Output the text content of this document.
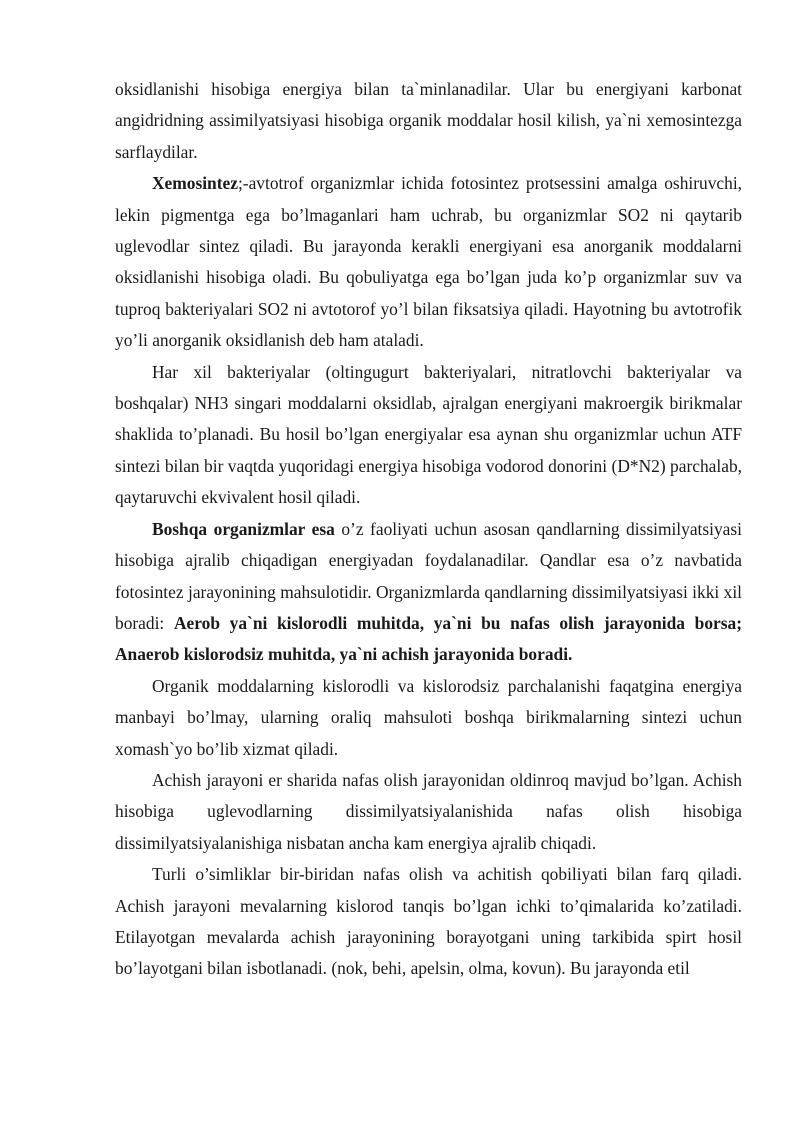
oksidlanishi hisobiga energiya bilan ta`minlanadilar. Ular bu energiyani karbonat angidridning assimilyatsiyasi hisobiga organik moddalar hosil kilish, ya`ni xemosintezga sarflaydilar.

Xemosintez;-avtotrof organizmlar ichida fotosintez protsessini amalga oshiruvchi, lekin pigmentga ega bo’lmaganlari ham uchrab, bu organizmlar SO2 ni qaytarib uglevodlar sintez qiladi. Bu jarayonda kerakli energiyani esa anorganik moddalarni oksidlanishi hisobiga oladi. Bu qobuliyatga ega bo’lgan juda ko’p organizmlar suv va tuproq bakteriyalari SO2 ni avtotorof yo’l bilan fiksatsiya qiladi. Hayotning bu avtotrofik yo’li anorganik oksidlanish deb ham ataladi.

Har xil bakteriyalar (oltingugurt bakteriyalari, nitratlovchi bakteriyalar va boshqalar) NH3 singari moddalarni oksidlab, ajralgan energiyani makroergik birikmalar shaklida to’planadi. Bu hosil bo’lgan energiyalar esa aynan shu organizmlar uchun ATF sintezi bilan bir vaqtda yuqoridagi energiya hisobiga vodorod donorini (D*N2) parchalab, qaytaruvchi ekvivalent hosil qiladi.

Boshqa organizmlar esa o’z faoliyati uchun asosan qandlarning dissimilyatsiyasi hisobiga ajralib chiqadigan energiyadan foydalanadilar. Qandlar esa o’z navbatida fotosintez jarayonining mahsulotidir. Organizmlarda qandlarning dissimilyatsiyasi ikki xil boradi: Aerob ya`ni kislorodli muhitda, ya`ni bu nafas olish jarayonida borsa; Anaerob kislorodsiz muhitda, ya`ni achish jarayonida boradi.

Organik moddalarning kislorodli va kislorodsiz parchalanishi faqatgina energiya manbayi bo’lmay, ularning oraliq mahsuloti boshqa birikmalarning sintezi uchun xomash`yo bo’lib xizmat qiladi.

Achish jarayoni er sharida nafas olish jarayonidan oldinroq mavjud bo’lgan. Achish hisobiga uglevodlarning dissimilyatsiyalanishida nafas olish hisobiga dissimilyatsiyalanishiga nisbatan ancha kam energiya ajralib chiqadi.

Turli o’simliklar bir-biridan nafas olish va achitish qobiliyati bilan farq qiladi. Achish jarayoni mevalarning kislorod tanqis bo’lgan ichki to’qimalarida ko’zatiladi. Etilayotgan mevalarda achish jarayonining borayotgani uning tarkibida spirt hosil bo’layotgani bilan isbotlanadi. (nok, behi, apelsin, olma, kovun). Bu jarayonda etil
